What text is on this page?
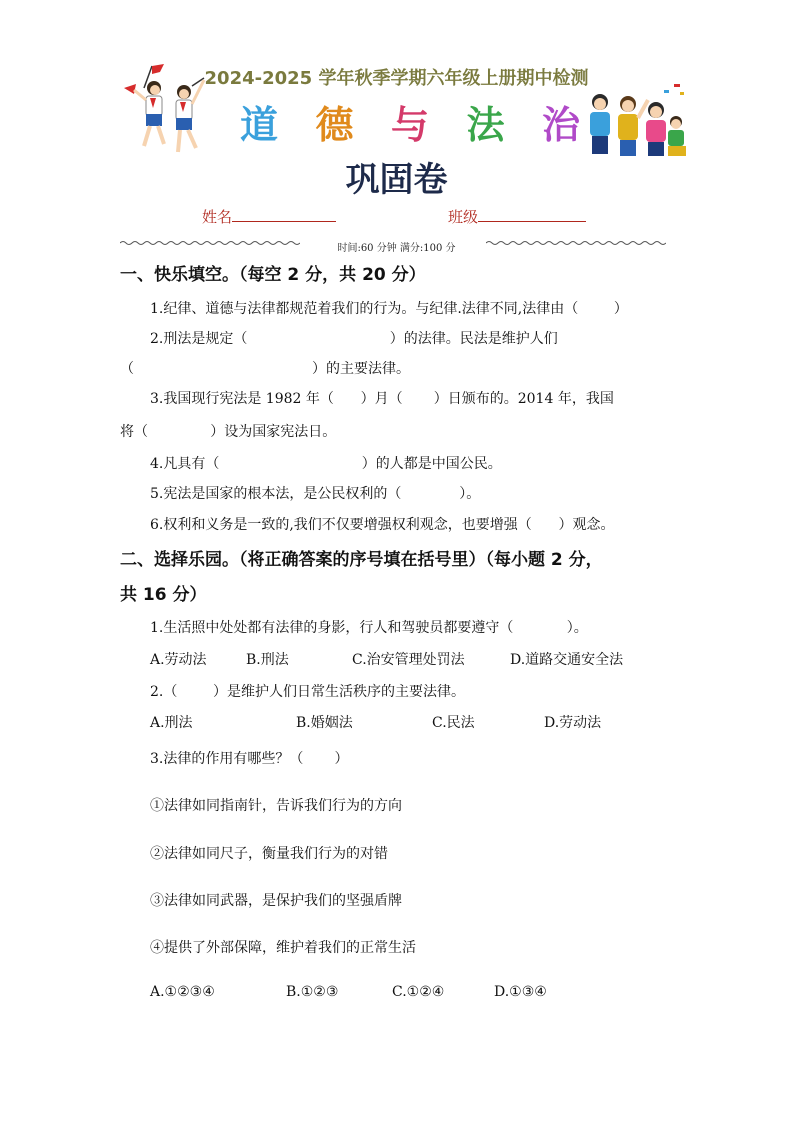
2024-2025 学年秋季学期六年级上册期中检测
道 德 与 法 治
巩固卷
姓名	班级
时间:60 分钟 满分:100 分
一、快乐填空。（每空 2 分，共 20 分）
1.纪律、道德与法律都规范着我们的行为。与纪律.法律不同,法律由（        ）
2.刑法是规定（                                ）的法律。民法是维护人们
（                                        ）的主要法律。
3.我国现行宪法是 1982 年（      ）月（       ）日颁布的。2014 年，我国
将（              ）设为国家宪法日。
4.凡具有（                                ）的人都是中国公民。
5.宪法是国家的根本法，是公民权利的（             ）。
6.权利和义务是一致的,我们不仅要增强权利观念，也要增强（      ）观念。
二、选择乐园。（将正确答案的序号填在括号里）（每小题 2 分，
共 16 分）
1.生活照中处处都有法律的身影，行人和驾驶员都要遵守（            ）。
A.劳动法	B.刑法	C.治安管理处罚法	D.道路交通安全法
2.（        ）是维护人们日常生活秩序的主要法律。
A.刑法	B.婚姻法	C.民法	D.劳动法
3.法律的作用有哪些？（       ）
①法律如同指南针，告诉我们行为的方向
②法律如同尺子，衡量我们行为的对错
③法律如同武器，是保护我们的坚强盾牌
④提供了外部保障，维护着我们的正常生活
A.①②③④	B.①②③	C.①②④	D.①③④
